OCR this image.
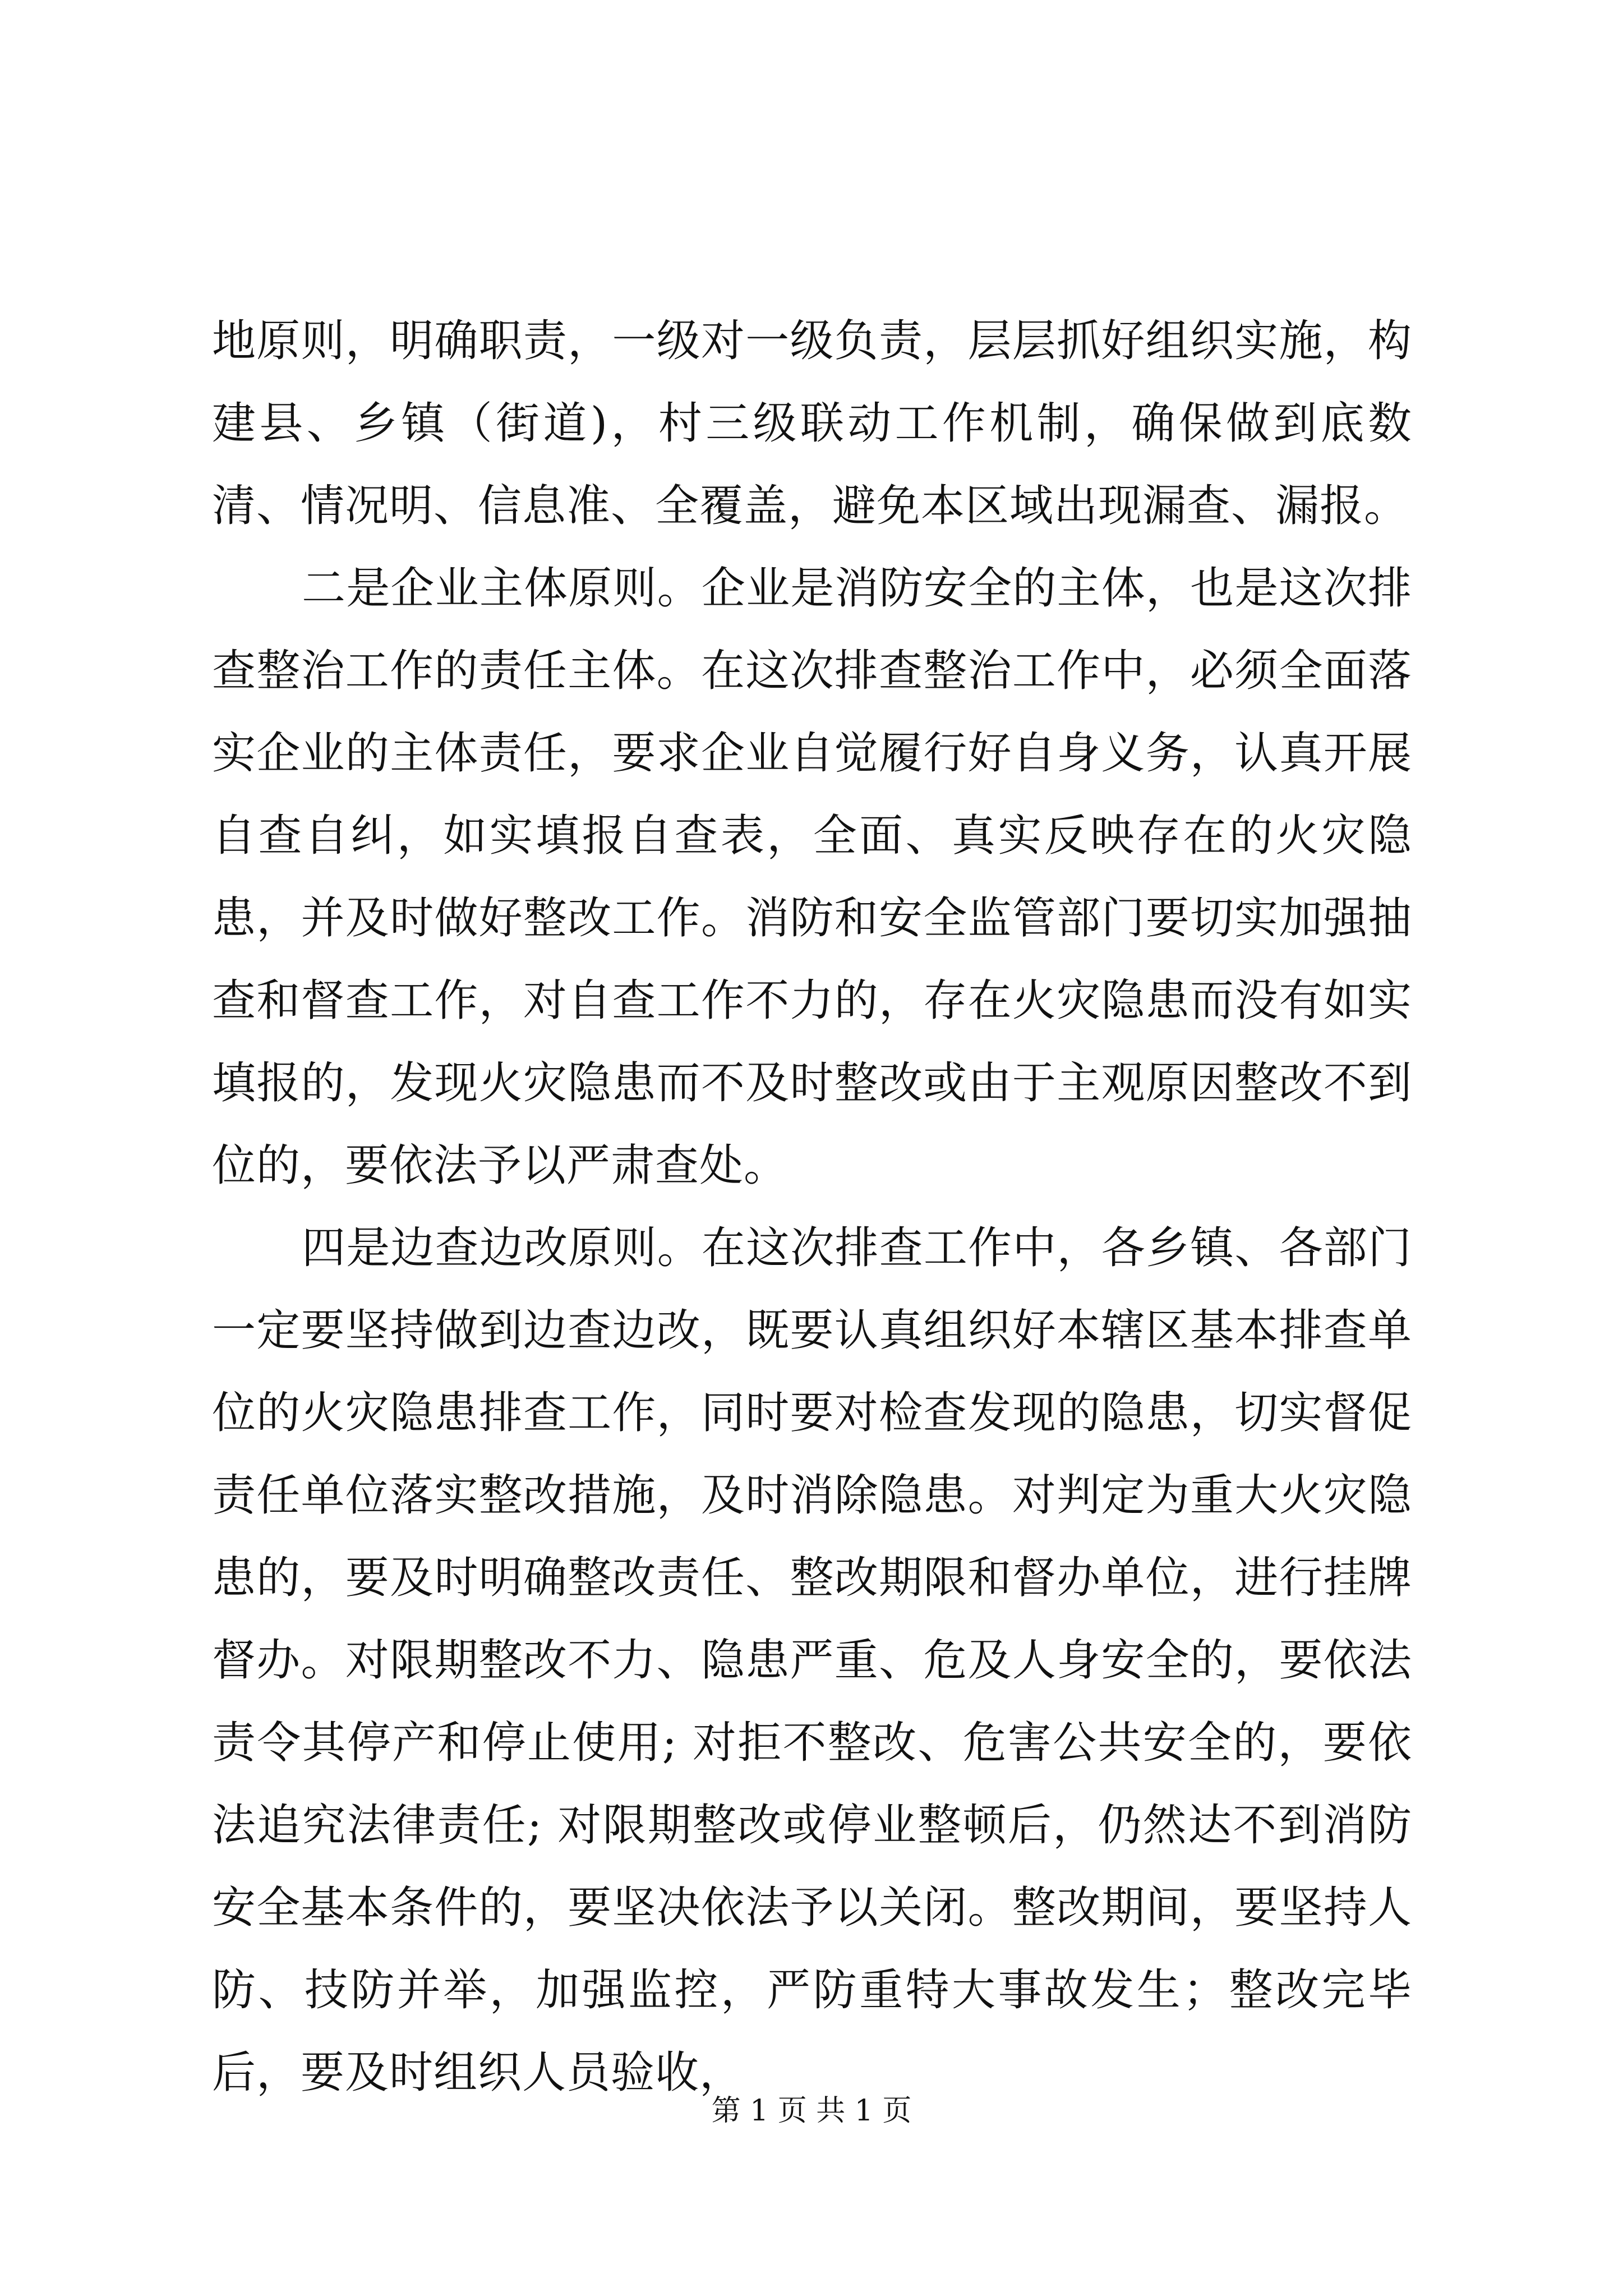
地原则，明确职责，一级对一级负责，层层抓好组织实施，构建县、乡镇（街道)，村三级联动工作机制，确保做到底数清、情况明、信息准、全覆盖，避免本区域出现漏查、漏报。

二是企业主体原则。企业是消防安全的主体，也是这次排查整治工作的责任主体。在这次排查整治工作中，必须全面落实企业的主体责任，要求企业自觉履行好自身义务，认真开展自查自纠，如实填报自查表，全面、真实反映存在的火灾隐患，并及时做好整改工作。消防和安全监管部门要切实加强抽查和督查工作，对自查工作不力的，存在火灾隐患而没有如实填报的，发现火灾隐患而不及时整改或由于主观原因整改不到位的，要依法予以严肃查处。

四是边查边改原则。在这次排查工作中，各乡镇、各部门一定要坚持做到边查边改，既要认真组织好本辖区基本排查单位的火灾隐患排查工作，同时要对检查发现的隐患，切实督促责任单位落实整改措施，及时消除隐患。对判定为重大火灾隐患的，要及时明确整改责任、整改期限和督办单位，进行挂牌督办。对限期整改不力、隐患严重、危及人身安全的，要依法责令其停产和停止使用; 对拒不整改、危害公共安全的，要依法追究法律责任; 对限期整改或停业整顿后，仍然达不到消防安全基本条件的，要坚决依法予以关闭。整改期间，要坚持人防、技防并举，加强监控，严防重特大事故发生；整改完毕后，要及时组织人员验收，

第 1 页 共 1 页
